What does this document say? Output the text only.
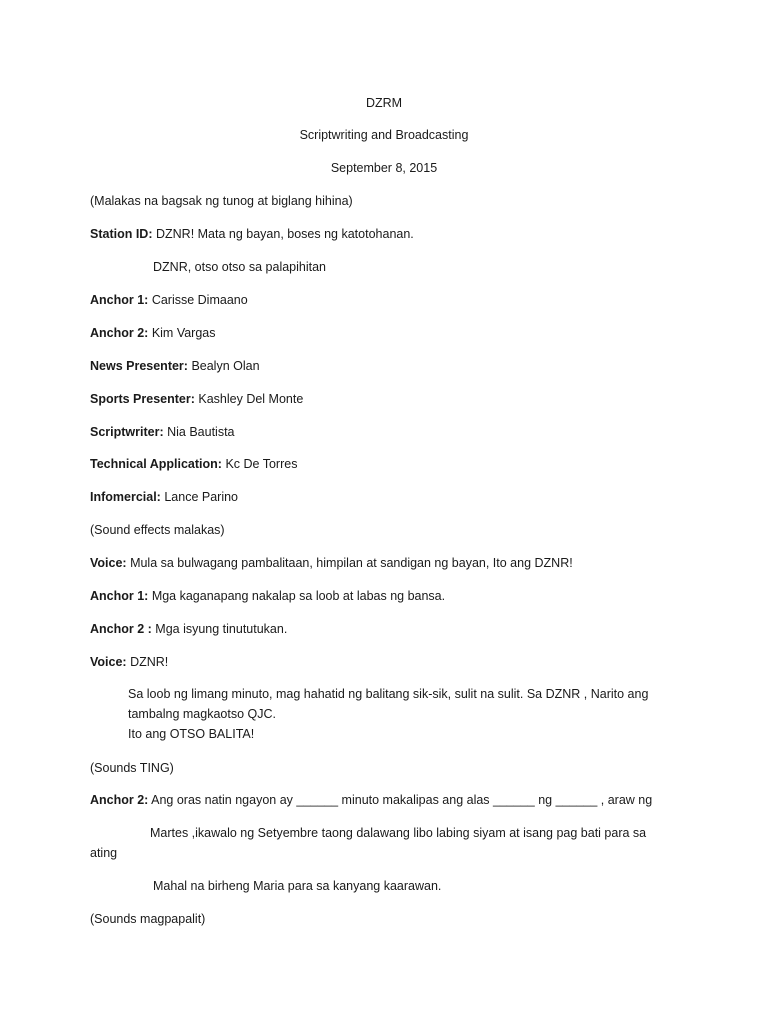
DZRM
Scriptwriting and Broadcasting
September 8, 2015
(Malakas na bagsak ng tunog at biglang hihina)
Station ID: DZNR! Mata ng bayan, boses ng katotohanan.
DZNR, otso otso sa palapihitan
Anchor 1: Carisse Dimaano
Anchor 2: Kim Vargas
News Presenter: Bealyn Olan
Sports Presenter: Kashley Del Monte
Scriptwriter: Nia Bautista
Technical Application: Kc De Torres
Infomercial: Lance Parino
(Sound effects malakas)
Voice: Mula sa bulwagang pambalitaan, himpilan at sandigan ng bayan, Ito ang DZNR!
Anchor 1: Mga kaganapang nakalap sa loob at labas ng bansa.
Anchor 2 : Mga isyung tinututukan.
Voice: DZNR!
Sa loob ng limang minuto, mag hahatid ng balitang sik-sik, sulit na sulit. Sa DZNR , Narito ang
tambalng magkaotso QJC.
Ito ang OTSO BALITA!
(Sounds TING)
Anchor 2: Ang oras natin ngayon ay ______ minuto makalipas ang alas ______ ng ______ , araw ng
Martes ,ikawalo ng Setyembre taong dalawang libo labing siyam at isang pag bati para sa
ating
Mahal na birheng Maria para sa kanyang kaarawan.
(Sounds magpapalit)
